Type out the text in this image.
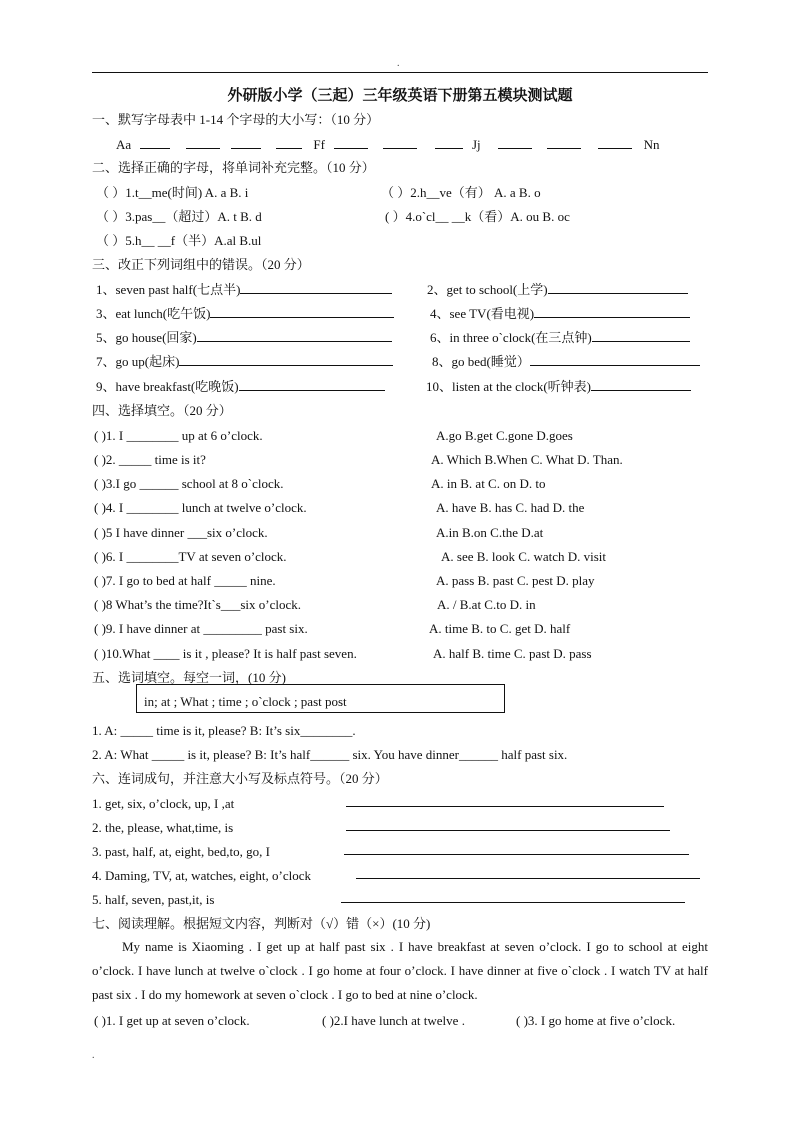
.
外研版小学（三起）三年级英语下册第五模块测试题
一、默写字母表中 1-14 个字母的大小写：（10 分）
Aa	Ff	Jj	Nn
二、选择正确的字母，将单词补充完整。（10 分）
（ ）1.t__me(时间) A. a B. i	（ ）2.h__ve（有） A. a B. o
（ ）3.pas__（超过）A. t B. d	( ）4.o`cl__ __k（看）A. ou B. oc
（ ）5.h__ __f（半）A.al B.ul
三、改正下列词组中的错误。（20 分）
1、seven past half(七点半)	2、get to school(上学)
3、eat lunch(吃午饭)	4、see TV(看电视)
5、go house(回家)	6、in three o`clock(在三点钟)
7、go up(起床)	8、go bed(睡觉）
9、have breakfast(吃晚饭)	10、listen at the clock(听钟表)
四、选择填空。（20 分）
( )1. I ________ up at 6 o’clock.	A.go B.get C.gone D.goes
( )2. _____ time is it?	A. Which B.When C. What D. Than.
( )3.I go ______ school at 8 o`clock.	A. in B. at C. on D. to
( )4. I ________ lunch at twelve o’clock.	A. have B. has C. had D. the
( )5 I have dinner ___six o’clock.	A.in B.on C.the D.at
( )6. I ________TV at seven o’clock.	A. see B. look C. watch D. visit
( )7. I go to bed at half _____ nine.	A. pass B. past C. pest D. play
( )8 What’s the time?It`s___six o’clock.	A. / B.at C.to D. in
( )9. I have dinner at _________ past six.	A. time B. to C. get D. half
( )10.What ____ is it , please? It is half past seven.	A. half B. time C. past D. pass
五、选词填空。每空一词，(10 分)
in; at ; What ; time ; o`clock ; past post
1. A: _____ time is it, please? B: It’s six________.
2. A: What _____ is it, please? B: It’s half______ six. You have dinner______ half past six.
六、连词成句，并注意大小写及标点符号。（20 分）
1. get, six, o’clock, up, I ,at
2. the, please, what,time, is
3. past, half, at, eight, bed,to, go, I
4. Daming, TV, at, watches, eight, o’clock
5. half, seven, past,it, is
七、阅读理解。根据短文内容，判断对（√）错（×）(10 分)
My name is Xiaoming . I get up at half past six . I have breakfast at seven o’clock. I go to school at eight o’clock. I have lunch at twelve o`clock . I go home at four o’clock. I have dinner at five o`clock . I watch TV at half past six . I do my homework at seven o`clock . I go to bed at nine o’clock.
( )1. I get up at seven o’clock.	( )2.I have lunch at twelve .	( )3. I go home at five o’clock.
.
